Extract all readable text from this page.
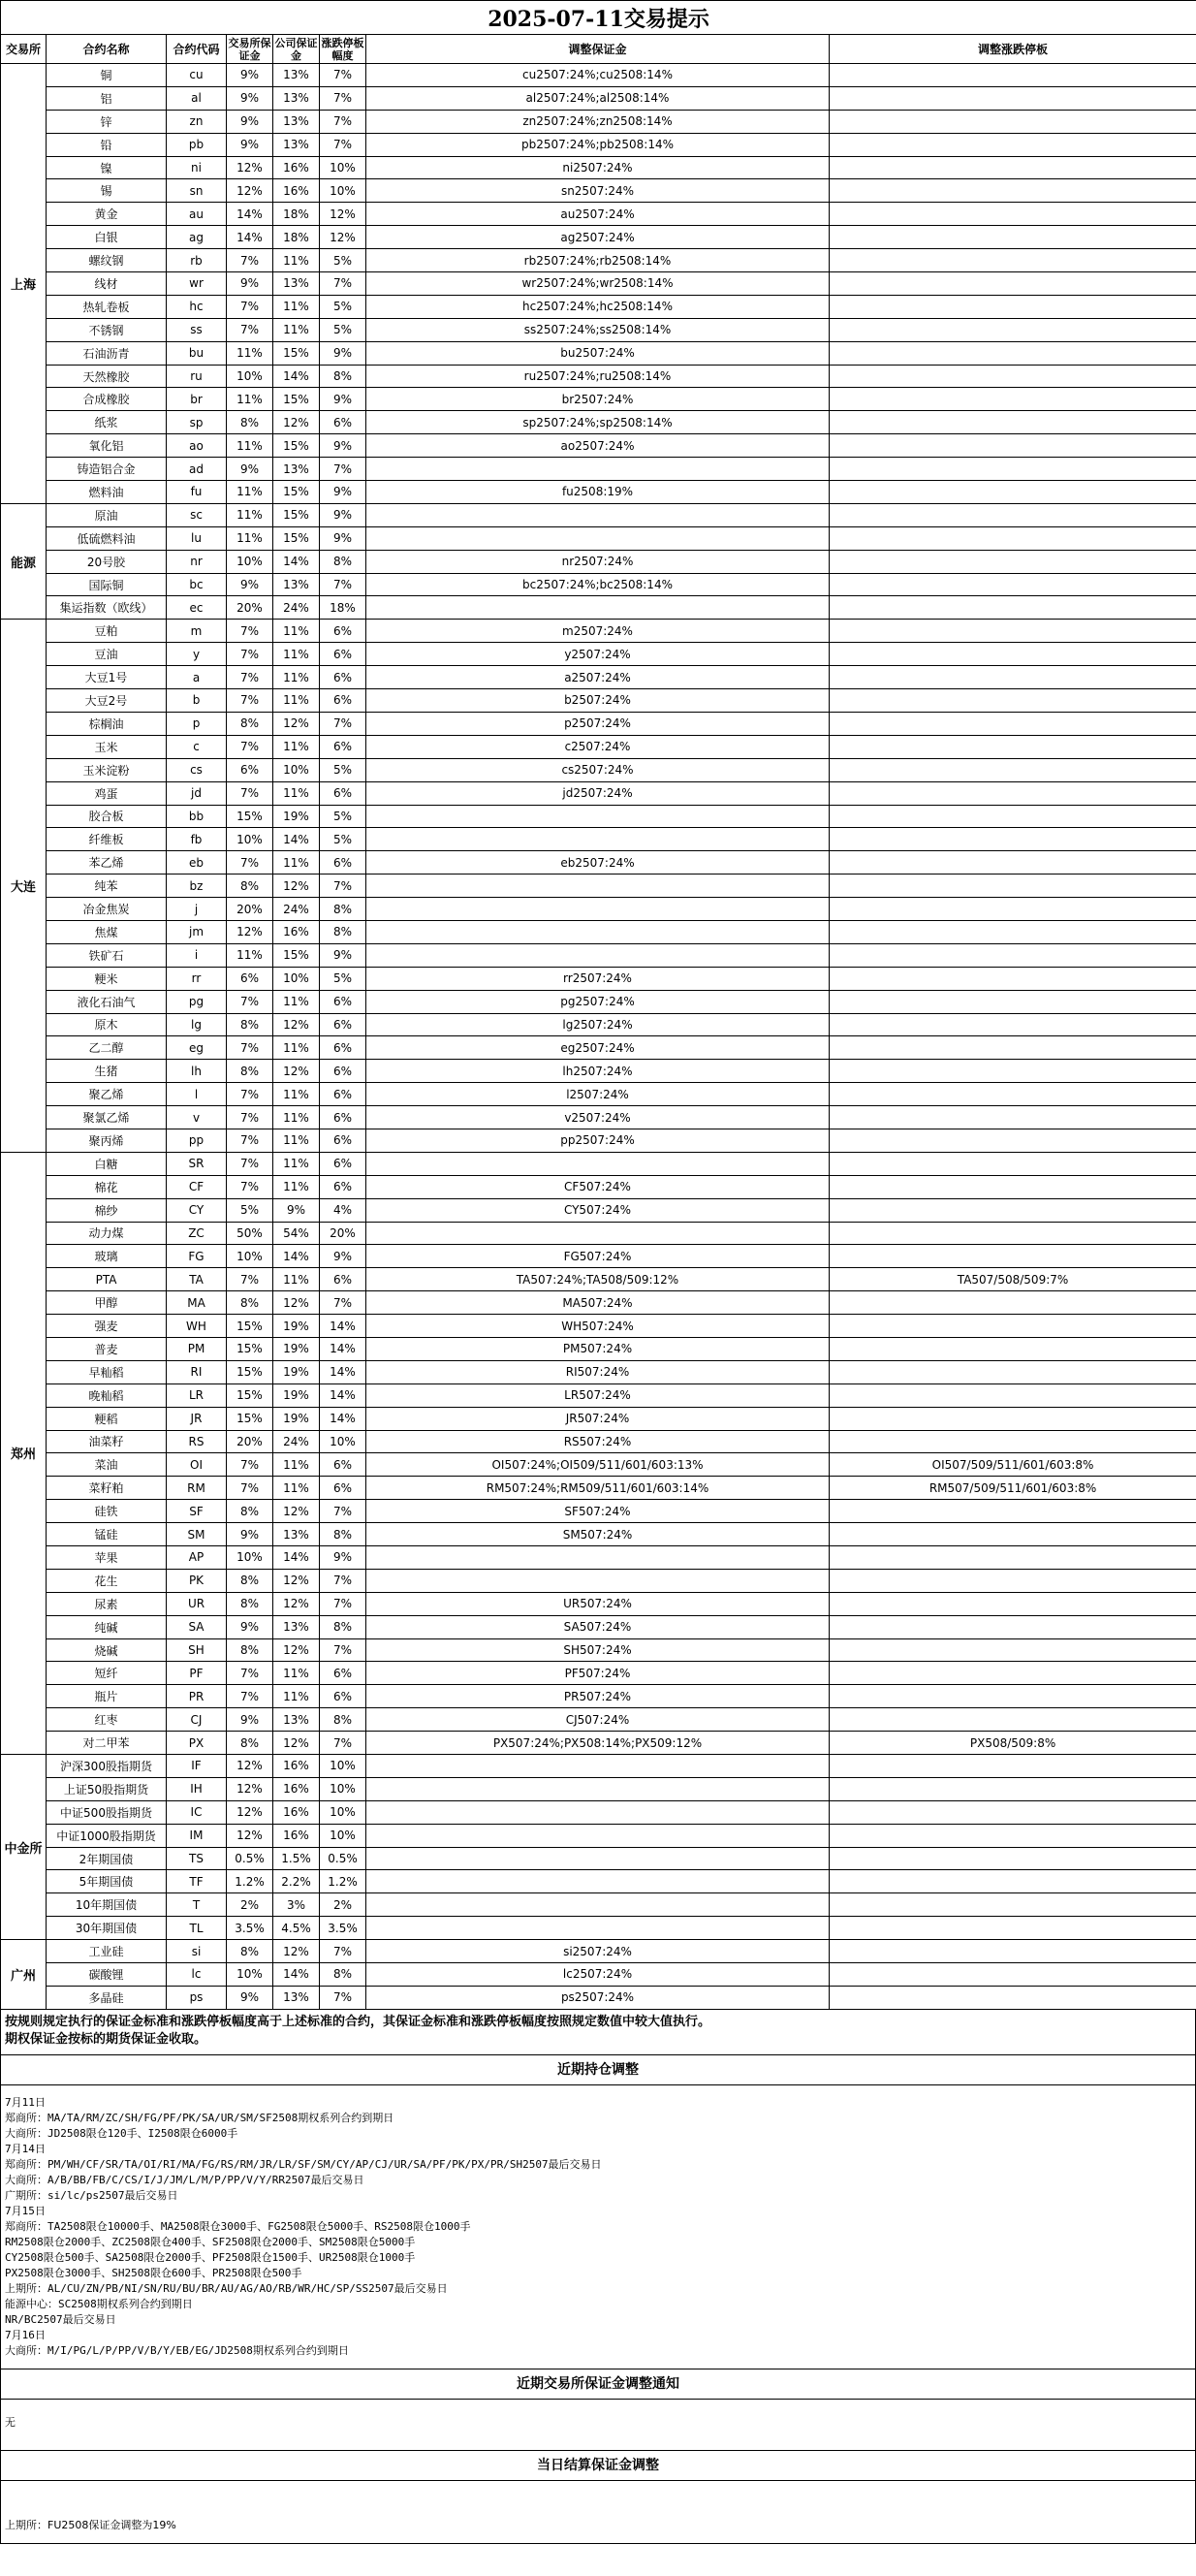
2025-07-11交易提示							
交易所	合约名称	合约代码	交易所保证金	公司保证金	涨跌停板幅度	调整保证金	调整涨跌停板
上海	铜	cu	9%	13%	7%	cu2507:24%;cu2508:14%	
	铝	al	9%	13%	7%	al2507:24%;al2508:14%	
	锌	zn	9%	13%	7%	zn2507:24%;zn2508:14%	
	铅	pb	9%	13%	7%	pb2507:24%;pb2508:14%	
	镍	ni	12%	16%	10%	ni2507:24%	
	锡	sn	12%	16%	10%	sn2507:24%	
	黄金	au	14%	18%	12%	au2507:24%	
	白银	ag	14%	18%	12%	ag2507:24%	
	螺纹钢	rb	7%	11%	5%	rb2507:24%;rb2508:14%	
	线材	wr	9%	13%	7%	wr2507:24%;wr2508:14%	
	热轧卷板	hc	7%	11%	5%	hc2507:24%;hc2508:14%	
	不锈钢	ss	7%	11%	5%	ss2507:24%;ss2508:14%	
	石油沥青	bu	11%	15%	9%	bu2507:24%	
	天然橡胶	ru	10%	14%	8%	ru2507:24%;ru2508:14%	
	合成橡胶	br	11%	15%	9%	br2507:24%	
	纸浆	sp	8%	12%	6%	sp2507:24%;sp2508:14%	
	氧化铝	ao	11%	15%	9%	ao2507:24%	
	铸造铝合金	ad	9%	13%	7%		
	燃料油	fu	11%	15%	9%	fu2508:19%	
能源	原油	sc	11%	15%	9%		
	低硫燃料油	lu	11%	15%	9%		
	20号胶	nr	10%	14%	8%	nr2507:24%	
	国际铜	bc	9%	13%	7%	bc2507:24%;bc2508:14%	
	集运指数（欧线）	ec	20%	24%	18%		
大连	豆粕	m	7%	11%	6%	m2507:24%	
	豆油	y	7%	11%	6%	y2507:24%	
	大豆1号	a	7%	11%	6%	a2507:24%	
	大豆2号	b	7%	11%	6%	b2507:24%	
	棕榈油	p	8%	12%	7%	p2507:24%	
	玉米	c	7%	11%	6%	c2507:24%	
	玉米淀粉	cs	6%	10%	5%	cs2507:24%	
	鸡蛋	jd	7%	11%	6%	jd2507:24%	
	胶合板	bb	15%	19%	5%		
	纤维板	fb	10%	14%	5%		
	苯乙烯	eb	7%	11%	6%	eb2507:24%	
	纯苯	bz	8%	12%	7%		
	冶金焦炭	j	20%	24%	8%		
	焦煤	jm	12%	16%	8%		
	铁矿石	i	11%	15%	9%		
	粳米	rr	6%	10%	5%	rr2507:24%	
	液化石油气	pg	7%	11%	6%	pg2507:24%	
	原木	lg	8%	12%	6%	lg2507:24%	
	乙二醇	eg	7%	11%	6%	eg2507:24%	
	生猪	lh	8%	12%	6%	lh2507:24%	
	聚乙烯	l	7%	11%	6%	l2507:24%	
	聚氯乙烯	v	7%	11%	6%	v2507:24%	
	聚丙烯	pp	7%	11%	6%	pp2507:24%	
郑州	白糖	SR	7%	11%	6%		
	棉花	CF	7%	11%	6%	CF507:24%	
	棉纱	CY	5%	9%	4%	CY507:24%	
	动力煤	ZC	50%	54%	20%		
	玻璃	FG	10%	14%	9%	FG507:24%	
	PTA	TA	7%	11%	6%	TA507:24%;TA508/509:12%	TA507/508/509:7%
	甲醇	MA	8%	12%	7%	MA507:24%	
	强麦	WH	15%	19%	14%	WH507:24%	
	普麦	PM	15%	19%	14%	PM507:24%	
	早籼稻	RI	15%	19%	14%	RI507:24%	
	晚籼稻	LR	15%	19%	14%	LR507:24%	
	粳稻	JR	15%	19%	14%	JR507:24%	
	油菜籽	RS	20%	24%	10%	RS507:24%	
	菜油	OI	7%	11%	6%	OI507:24%;OI509/511/601/603:13%	OI507/509/511/601/603:8%
	菜籽粕	RM	7%	11%	6%	RM507:24%;RM509/511/601/603:14%	RM507/509/511/601/603:8%
	硅铁	SF	8%	12%	7%	SF507:24%	
	锰硅	SM	9%	13%	8%	SM507:24%	
	苹果	AP	10%	14%	9%		
	花生	PK	8%	12%	7%		
	尿素	UR	8%	12%	7%	UR507:24%	
	纯碱	SA	9%	13%	8%	SA507:24%	
	烧碱	SH	8%	12%	7%	SH507:24%	
	短纤	PF	7%	11%	6%	PF507:24%	
	瓶片	PR	7%	11%	6%	PR507:24%	
	红枣	CJ	9%	13%	8%	CJ507:24%	
	对二甲苯	PX	8%	12%	7%	PX507:24%;PX508:14%;PX509:12%	PX508/509:8%
中金所	沪深300股指期货	IF	12%	16%	10%		
	上证50股指期货	IH	12%	16%	10%		
	中证500股指期货	IC	12%	16%	10%		
	中证1000股指期货	IM	12%	16%	10%		
	2年期国债	TS	0.5%	1.5%	0.5%		
	5年期国债	TF	1.2%	2.2%	1.2%		
	10年期国债	T	2%	3%	2%		
	30年期国债	TL	3.5%	4.5%	3.5%		
广州	工业硅	si	8%	12%	7%	si2507:24%	
	碳酸锂	lc	10%	14%	8%	lc2507:24%	
	多晶硅	ps	9%	13%	7%	ps2507:24%	
按规则规定执行的保证金标准和涨跌停板幅度高于上述标准的合约，其保证金标准和涨跌停板幅度按照规定数值中较大值执行。
期权保证金按标的期货保证金收取。
近期持仓调整
7月11日
郑商所：MA/TA/RM/ZC/SH/FG/PF/PK/SA/UR/SM/SF2508期权系列合约到期日
大商所：JD2508限仓120手、I2508限仓6000手
7月14日
郑商所：PM/WH/CF/SR/TA/OI/RI/MA/FG/RS/RM/JR/LR/SF/SM/CY/AP/CJ/UR/SA/PF/PK/PX/PR/SH2507最后交易日
大商所：A/B/BB/FB/C/CS/I/J/JM/L/M/P/PP/V/Y/RR2507最后交易日
广期所：si/lc/ps2507最后交易日
7月15日
郑商所：TA2508限仓10000手、MA2508限仓3000手、FG2508限仓5000手、RS2508限仓1000手
RM2508限仓2000手、ZC2508限仓400手、SF2508限仓2000手、SM2508限仓5000手
CY2508限仓500手、SA2508限仓2000手、PF2508限仓1500手、UR2508限仓1000手
PX2508限仓3000手、SH2508限仓600手、PR2508限仓500手
上期所：AL/CU/ZN/PB/NI/SN/RU/BU/BR/AU/AG/AO/RB/WR/HC/SP/SS2507最后交易日
能源中心：SC2508期权系列合约到期日
NR/BC2507最后交易日
7月16日
大商所：M/I/PG/L/P/PP/V/B/Y/EB/EG/JD2508期权系列合约到期日
近期交易所保证金调整通知
无
当日结算保证金调整
上期所：FU2508保证金调整为19%
